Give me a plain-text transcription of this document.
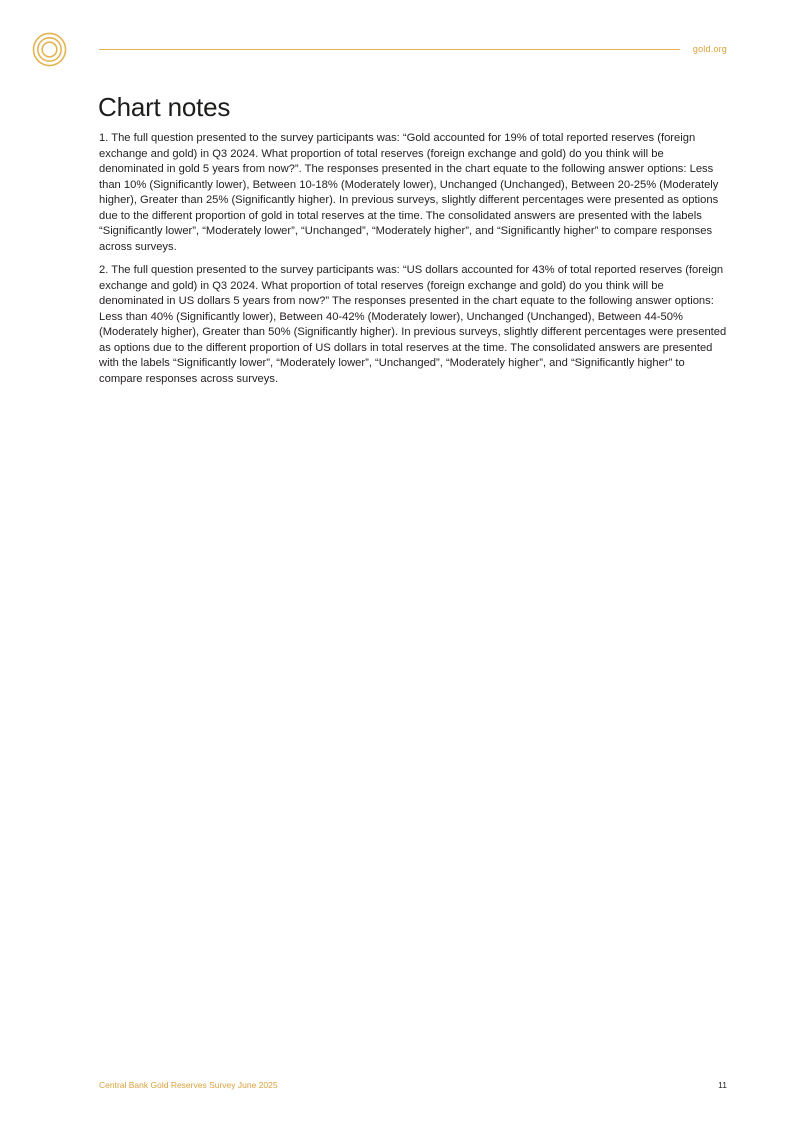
gold.org
Chart notes

1. The full question presented to the survey participants was: “Gold accounted for 19% of total reported reserves (foreign exchange and gold) in Q3 2024. What proportion of total reserves (foreign exchange and gold) do you think will be denominated in gold 5 years from now?”. The responses presented in the chart equate to the following answer options: Less than 10% (Significantly lower), Between 10-18% (Moderately lower), Unchanged (Unchanged), Between 20-25% (Moderately higher), Greater than 25% (Significantly higher). In previous surveys, slightly different percentages were presented as options due to the different proportion of gold in total reserves at the time. The consolidated answers are presented with the labels “Significantly lower”, “Moderately lower”, “Unchanged”, “Moderately higher”, and “Significantly higher” to compare responses across surveys.

2. The full question presented to the survey participants was: “US dollars accounted for 43% of total reported reserves (foreign exchange and gold) in Q3 2024. What proportion of total reserves (foreign exchange and gold) do you think will be denominated in US dollars 5 years from now?” The responses presented in the chart equate to the following answer options: Less than 40% (Significantly lower), Between 40-42% (Moderately lower), Unchanged (Unchanged), Between 44-50% (Moderately higher), Greater than 50% (Significantly higher). In previous surveys, slightly different percentages were presented as options due to the different proportion of US dollars in total reserves at the time. The consolidated answers are presented with the labels “Significantly lower”, “Moderately lower”, “Unchanged”, “Moderately higher”, and “Significantly higher” to compare responses across surveys.

Central Bank Gold Reserves Survey June 2025	11
